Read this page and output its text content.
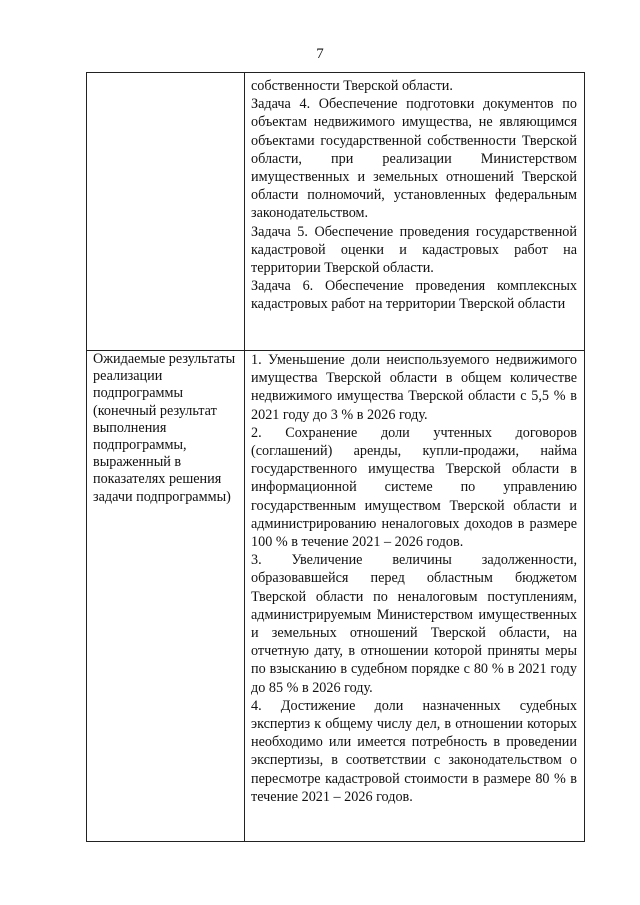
7

	собственности Тверской области.
Задача 4. Обеспечение подготовки документов по объектам недвижимого имущества, не являющимся объектами государственной собственности Тверской области, при реализации Министерством имущественных и земельных отношений Тверской области полномочий, установленных федеральным законодательством.
Задача 5. Обеспечение проведения государственной кадастровой оценки и кадастровых работ на территории Тверской области.
Задача 6. Обеспечение проведения комплексных кадастровых работ на территории Тверской области

Ожидаемые результаты реализации подпрограммы (конечный результат выполнения подпрограммы, выраженный в показателях решения задачи подпрограммы)	1. Уменьшение доли неиспользуемого недвижимого имущества Тверской области в общем количестве недвижимого имущества Тверской области с 5,5 % в 2021 году до 3 % в 2026 году.
2. Сохранение доли учтенных договоров (соглашений) аренды, купли-продажи, найма государственного имущества Тверской области в информационной системе по управлению государственным имуществом Тверской области и администрированию неналоговых доходов в размере 100 % в течение 2021 – 2026 годов.
3. Увеличение величины задолженности, образовавшейся перед областным бюджетом Тверской области по неналоговым поступлениям, администрируемым Министерством имущественных и земельных отношений Тверской области, на отчетную дату, в отношении которой приняты меры по взысканию в судебном порядке с 80 % в 2021 году до 85 % в 2026 году.
4. Достижение доли назначенных судебных экспертиз к общему числу дел, в отношении которых необходимо или имеется потребность в проведении экспертизы, в соответствии с законодательством о пересмотре кадастровой стоимости в размере 80 % в течение 2021 – 2026 годов.
